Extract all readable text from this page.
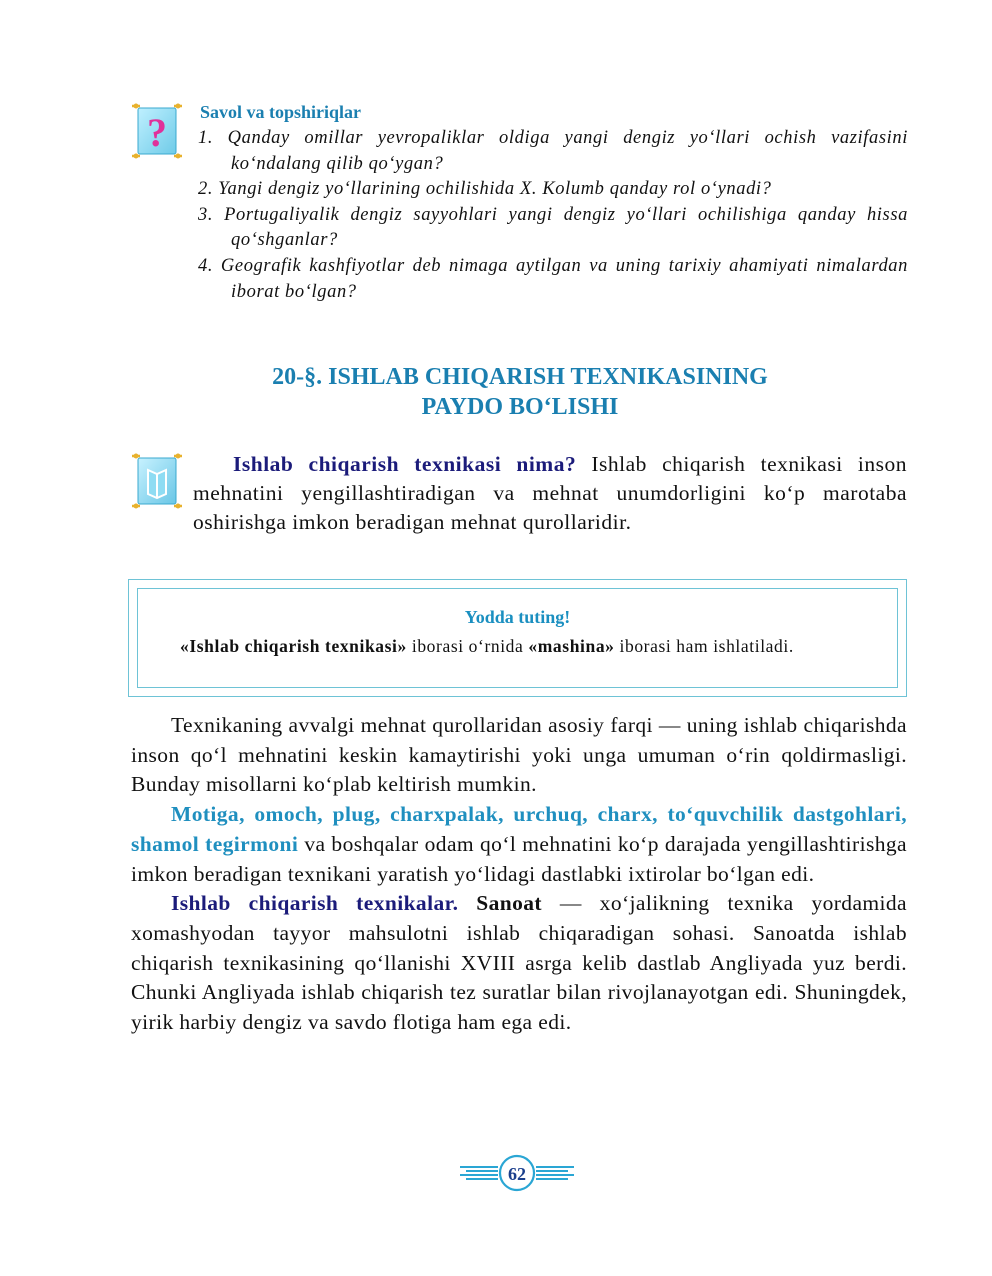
? Savol va topshiriqlar
1. Qanday omillar yevropaliklar oldiga yangi dengiz yo‘llari ochish vazifasini ko‘ndalang qilib qo‘ygan?
2. Yangi dengiz yo‘llarining ochilishida X. Kolumb qanday rol o‘ynadi?
3. Portugaliyalik dengiz sayyohlari yangi dengiz yo‘llari ochilishiga qanday hissa qo‘shganlar?
4. Geografik kashfiyotlar deb nimaga aytilgan va uning tarixiy ahamiyati nimalardan iborat bo‘lgan?
20-§. ISHLAB CHIQARISH TEXNIKASINING
PAYDO BO‘LISHI
Ishlab chiqarish texnikasi nima? Ishlab chiqarish texnikasi inson mehnatini yengillashtiradigan va mehnat unumdorligini ko‘p marotaba oshirishga imkon beradigan mehnat qurollaridir.
Yodda tuting!
«Ishlab chiqarish texnikasi» iborasi o‘rnida «mashina» iborasi ham ishlatiladi.

Texnikaning avvalgi mehnat qurollaridan asosiy farqi — uning ishlab chiqarishda inson qo‘l mehnatini keskin kamaytirishi yoki unga umuman o‘rin qoldirmasligi. Bunday misollarni ko‘plab keltirish mumkin.

Motiga, omoch, plug, charxpalak, urchuq, charx, to‘quvchilik dastgohlari, shamol tegirmoni va boshqalar odam qo‘l mehnatini ko‘p darajada yengillashtirishga imkon beradigan texnikani yaratish yo‘lidagi dastlabki ixtirolar bo‘lgan edi.

Ishlab chiqarish texnikalar. Sanoat — xo‘jalikning texnika yordamida xomashyodan tayyor mahsulotni ishlab chiqaradigan sohasi. Sanoatda ishlab chiqarish texnikasining qo‘llanishi XVIII asrga kelib dastlab Angliyada yuz berdi. Chunki Angliyada ishlab chiqarish tez suratlar bilan rivojlanayotgan edi. Shuningdek, yirik harbiy dengiz va savdo flotiga ham ega edi.

62
